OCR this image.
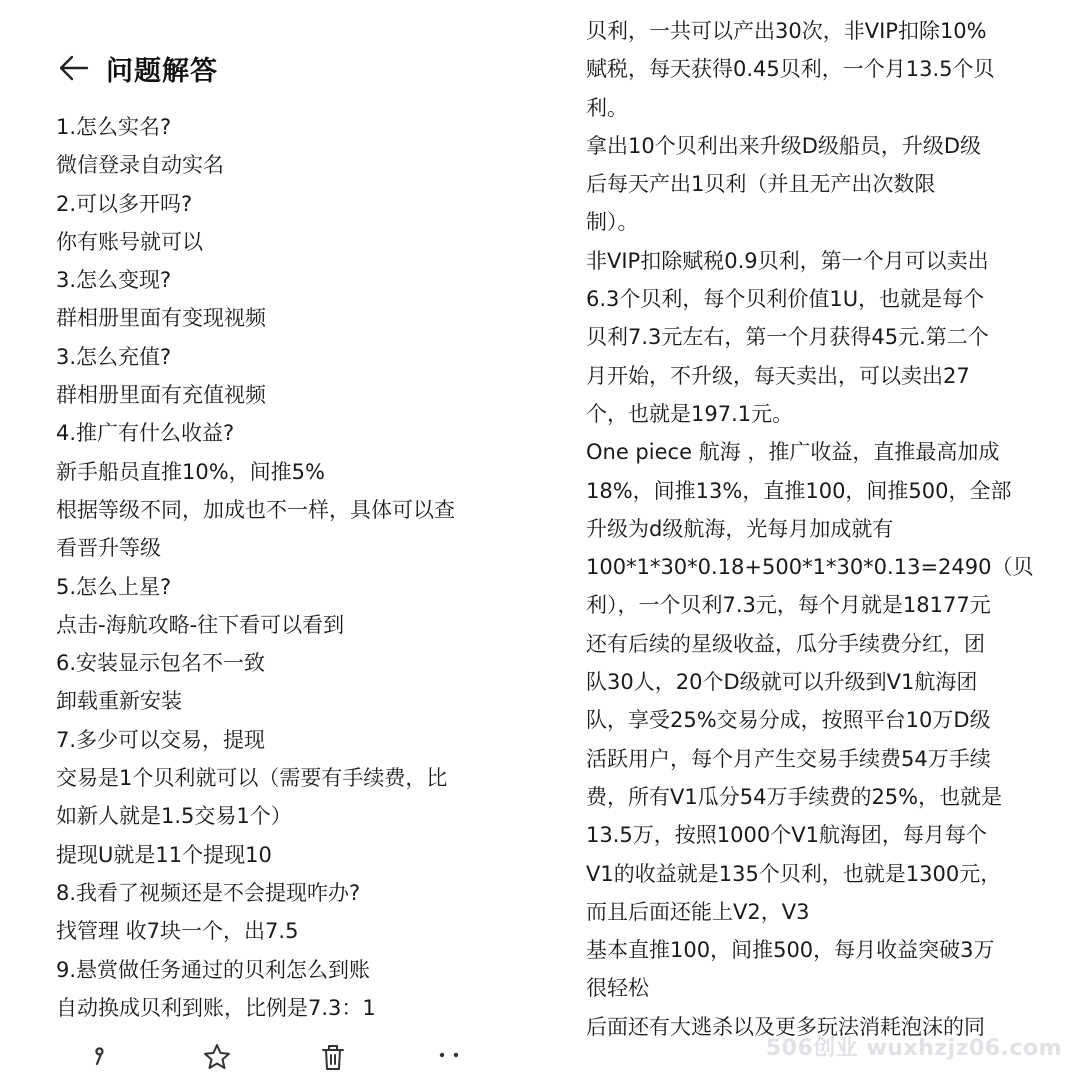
问题解答
1.怎么实名?
微信登录自动实名
2.可以多开吗?
你有账号就可以
3.怎么变现?
群相册里面有变现视频
3.怎么充值?
群相册里面有充值视频
4.推广有什么收益?
新手船员直推10%，间推5%
根据等级不同，加成也不一样，具体可以查
看晋升等级
5.怎么上星?
点击-海航攻略-往下看可以看到
6.安装显示包名不一致
卸载重新安装
7.多少可以交易，提现
交易是1个贝利就可以（需要有手续费，比
如新人就是1.5交易1个）
提现U就是11个提现10
8.我看了视频还是不会提现咋办?
找管理 收7块一个，出7.5
9.悬赏做任务通过的贝利怎么到账
自动换成贝利到账，比例是7.3：1
贝利，一共可以产出30次，非VIP扣除10%
赋税，每天获得0.45贝利，一个月13.5个贝
利。
拿出10个贝利出来升级D级船员，升级D级
后每天产出1贝利（并且无产出次数限
制）。
非VIP扣除赋税0.9贝利，第一个月可以卖出
6.3个贝利，每个贝利价值1U，也就是每个
贝利7.3元左右，第一个月获得45元.第二个
月开始，不升级，每天卖出，可以卖出27
个，也就是197.1元。
One piece 航海 ，推广收益，直推最高加成
18%，间推13%，直推100，间推500，全部
升级为d级航海，光每月加成就有
100*1*30*0.18+500*1*30*0.13=2490（贝
利），一个贝利7.3元，每个月就是18177元
还有后续的星级收益，瓜分手续费分红，团
队30人，20个D级就可以升级到V1航海团
队，享受25%交易分成，按照平台10万D级
活跃用户，每个月产生交易手续费54万手续
费，所有V1瓜分54万手续费的25%，也就是
13.5万，按照1000个V1航海团，每月每个
V1的收益就是135个贝利，也就是1300元，
而且后面还能上V2，V3
基本直推100，间推500，每月收益突破3万
很轻松
后面还有大逃杀以及更多玩法消耗泡沫的同
506创业 wuxhzjz06.com
